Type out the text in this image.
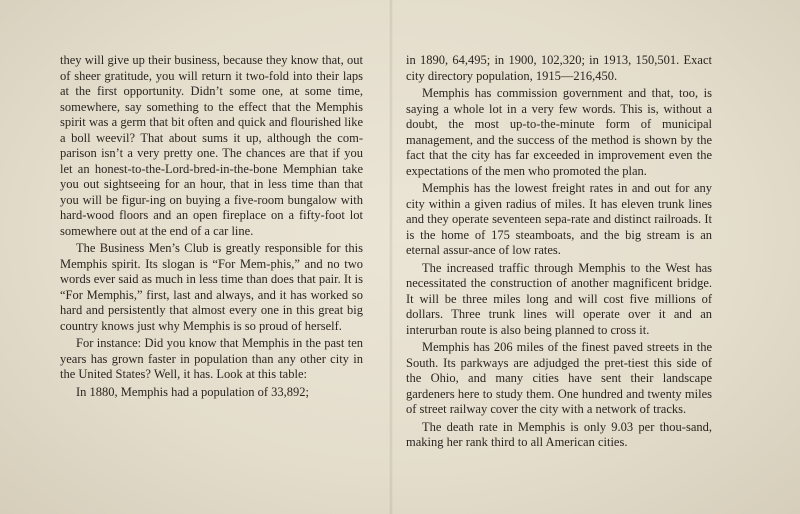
they will give up their business, because they know that, out of sheer gratitude, you will return it two-fold into their laps at the first opportunity. Didn’t some one, at some time, somewhere, say something to the effect that the Memphis spirit was a germ that bit often and quick and flourished like a boll weevil? That about sums it up, although the com-parison isn’t a very pretty one. The chances are that if you let an honest-to-the-Lord-bred-in-the-bone Memphian take you out sightseeing for an hour, that in less time than that you will be figur-ing on buying a five-room bungalow with hard-wood floors and an open fireplace on a fifty-foot lot somewhere out at the end of a car line.

The Business Men’s Club is greatly responsible for this Memphis spirit. Its slogan is “For Mem-phis,” and no two words ever said as much in less time than does that pair. It is “For Memphis,” first, last and always, and it has worked so hard and persistently that almost every one in this great big country knows just why Memphis is so proud of herself.

For instance: Did you know that Memphis in the past ten years has grown faster in population than any other city in the United States? Well, it has. Look at this table:

In 1880, Memphis had a population of 33,892;

in 1890, 64,495; in 1900, 102,320; in 1913, 150,501. Exact city directory population, 1915—216,450.

Memphis has commission government and that, too, is saying a whole lot in a very few words. This is, without a doubt, the most up-to-the-minute form of municipal management, and the success of the method is shown by the fact that the city has far exceeded in improvement even the expectations of the men who promoted the plan.

Memphis has the lowest freight rates in and out for any city within a given radius of miles. It has eleven trunk lines and they operate seventeen sepa-rate and distinct railroads. It is the home of 175 steamboats, and the big stream is an eternal assur-ance of low rates.

The increased traffic through Memphis to the West has necessitated the construction of another magnificent bridge. It will be three miles long and will cost five millions of dollars. Three trunk lines will operate over it and an interurban route is also being planned to cross it.

Memphis has 206 miles of the finest paved streets in the South. Its parkways are adjudged the pret-tiest this side of the Ohio, and many cities have sent their landscape gardeners here to study them. One hundred and twenty miles of street railway cover the city with a network of tracks.

The death rate in Memphis is only 9.03 per thou-sand, making her rank third to all American cities.
